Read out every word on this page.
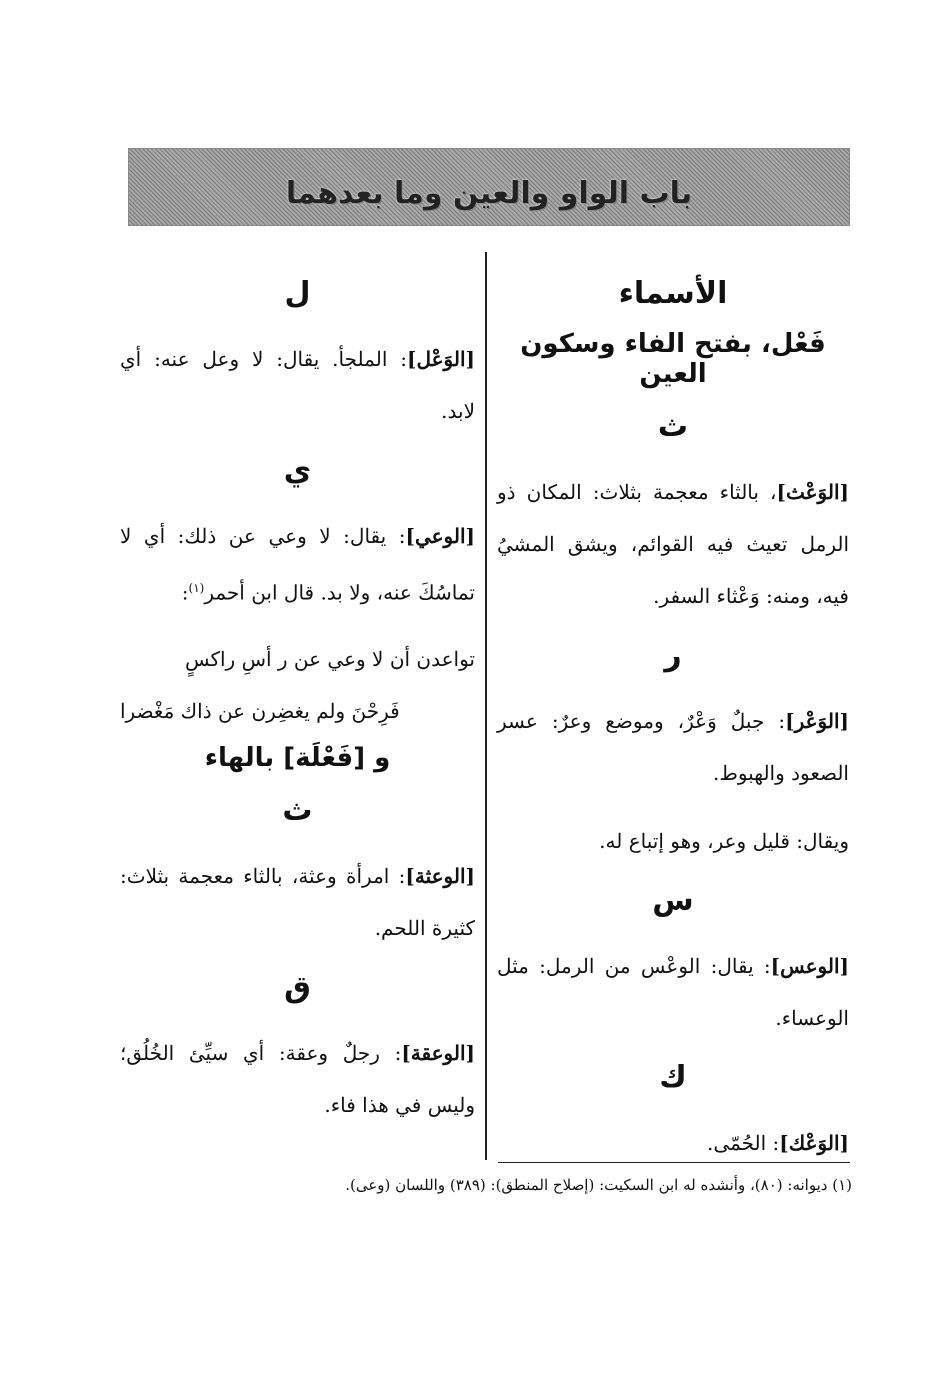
باب الواو والعين وما بعدهما
الأسماء
فَعْل، بفتح الفاء وسكون العين
ث

[الوَعْث]، بالثاء معجمة بثلاث: المكان ذو الرمل تعيث فيه القوائم، ويشق المشيُ فيه، ومنه: وَعْثاء السفر.

ر

[الوَعْر]: جبلٌ وَعْرٌ، وموضع وعرٌ: عسر الصعود والهبوط.

ويقال: قليل وعر، وهو إتباع له.

س

[الوعس]: يقال: الوعْس من الرمل: مثل الوعساء.

ك

[الوَعْك]: الحُمّى.

ل

[الوَعْل]: الملجأ. يقال: لا وعل عنه: أي لابد.

ي

[الوعي]: يقال: لا وعي عن ذلك: أي لا تماسُكَ عنه، ولا بد. قال ابن أحمر$^{(١)}$:

تواعدن أن لا وعي عن ر أسِ راكسٍ
فَرِحْنَ ولم يغضِرن عن ذاك مَغْضرا
و [فَعْلَة] بالهاء
ث

[الوعثة]: امرأة وعثة، بالثاء معجمة بثلاث: كثيرة اللحم.

ق

[الوعقة]: رجلٌ وعقة: أي سيِّئ الخُلُق؛ وليس في هذا فاء.

(١) ديوانه: (٨٠)، وأنشده له ابن السكيت: (إصلاح المنطق): (٣٨٩) واللسان (وعى).
